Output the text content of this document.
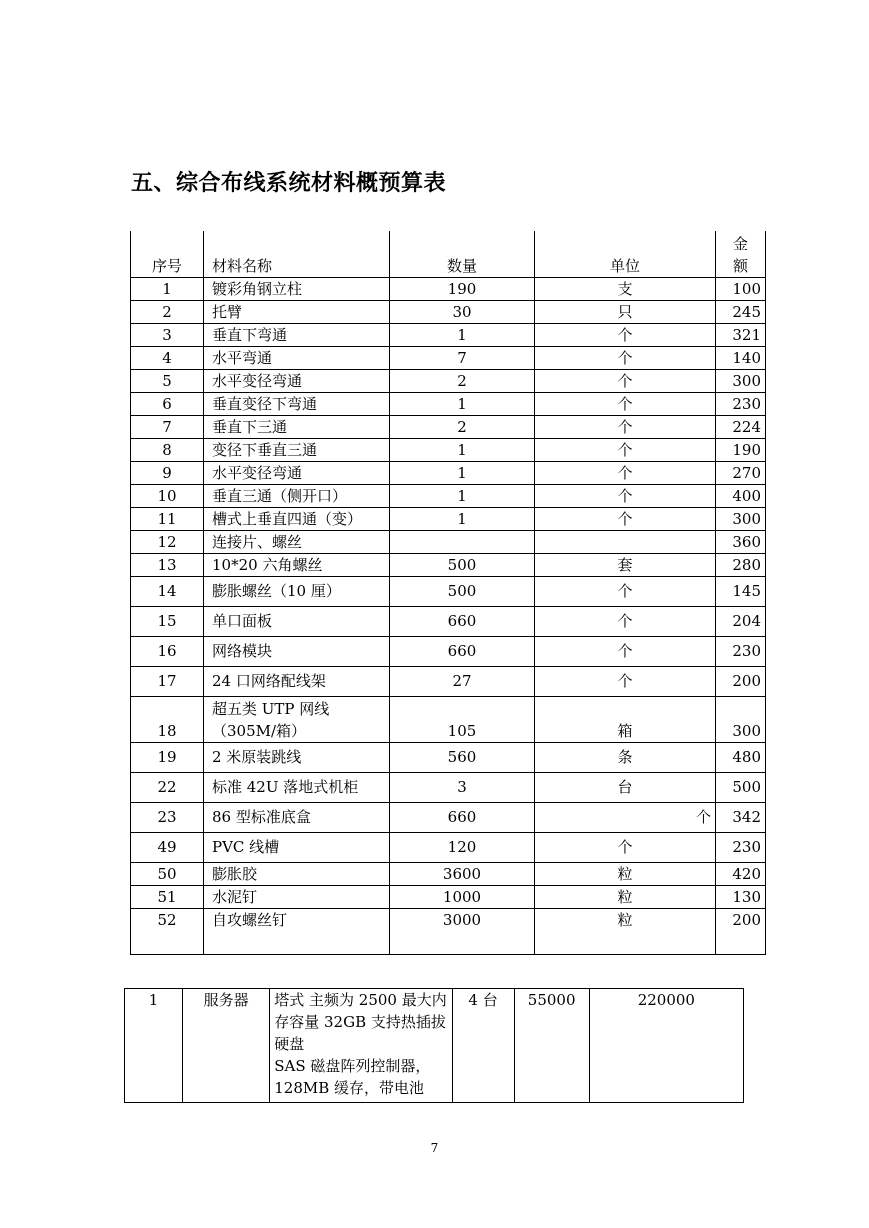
五、综合布线系统材料概预算表
序号	材料名称	数量	单位	金
额
1	镀彩角钢立柱	190	支	100
2	托臂	30	只	245
3	垂直下弯通	1	个	321
4	水平弯通	7	个	140
5	水平变径弯通	2	个	300
6	垂直变径下弯通	1	个	230
7	垂直下三通	2	个	224
8	变径下垂直三通	1	个	190
9	水平变径弯通	1	个	270
10	垂直三通（侧开口）	1	个	400
11	槽式上垂直四通（变）	1	个	300
12	连接片、螺丝			360
13	10*20 六角螺丝	500	套	280
14	膨胀螺丝（10 厘）	500	个	145
15	单口面板	660	个	204
16	网络模块	660	个	230
17	24 口网络配线架	27	个	200
18	超五类 UTP 网线
（305M/箱）	105	箱	300
19	2 米原装跳线	560	条	480
22	标准 42U 落地式机柜	3	台	500
23	86 型标准底盒	660	个	342
49	PVC 线槽	120	个	230
50	膨胀胶	3600	粒	420
51	水泥钉	1000	粒	130
52	自攻螺丝钉	3000	粒	200
1	服务器	塔式 主频为 2500 最大内存容量 32GB 支持热插拔硬盘
SAS 磁盘阵列控制器，128MB 缓存，带电池	4 台	55000	220000
7
